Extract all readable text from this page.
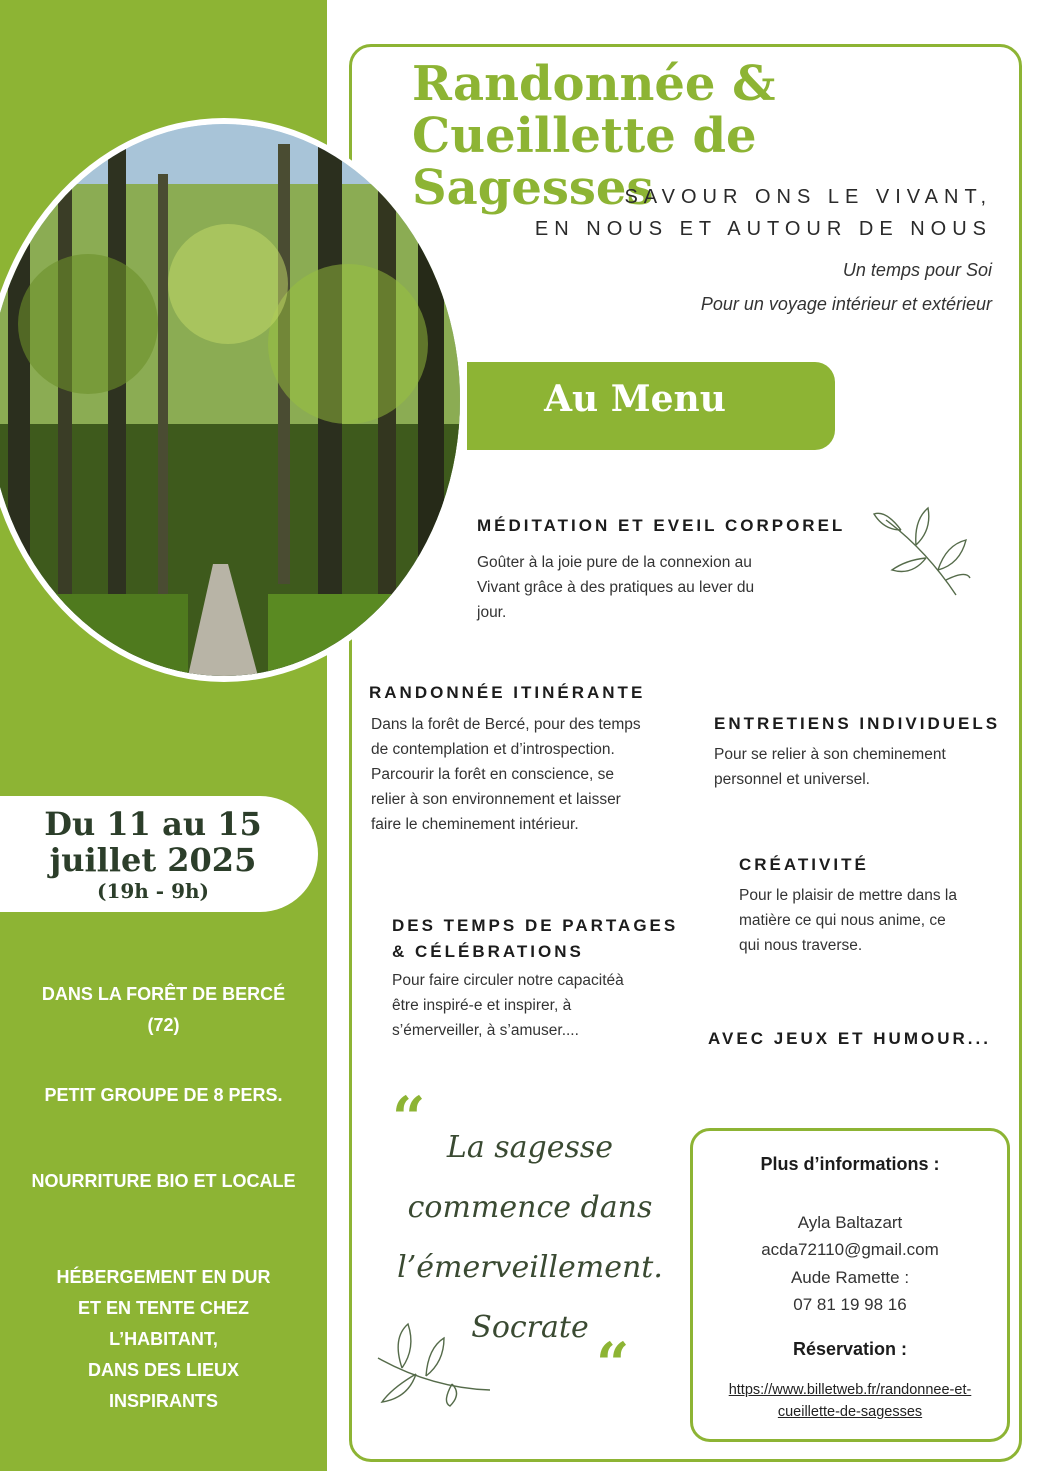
Randonnée &
Cueillette de Sagesses
SAVOUR ONS LE VIVANT,
EN NOUS ET AUTOUR DE NOUS
Un temps pour Soi
Pour un voyage intérieur et extérieur
Au Menu
MÉDITATION ET EVEIL CORPOREL
Goûter à la joie pure de la connexion au
Vivant grâce à des pratiques au lever du
jour.
RANDONNÉE ITINÉRANTE
Dans la forêt de Bercé, pour des temps
de contemplation et d’introspection.
Parcourir la forêt en conscience, se
relier à son environnement et laisser
faire le cheminement intérieur.
ENTRETIENS INDIVIDUELS
Pour se relier à son cheminement
personnel et universel.
CRÉATIVITÉ
Pour le plaisir de mettre dans la
matière ce qui nous anime, ce
qui nous traverse.
DES TEMPS DE PARTAGES
& CÉLÉBRATIONS
Pour faire circuler notre capacitéà
être inspiré-e et inspirer, à
s’émerveiller, à s’amuser....	AVEC JEUX ET HUMOUR...
Du 11 au 15
juillet 2025
(19h - 9h)
DANS LA FORÊT DE BERCÉ
(72)
PETIT GROUPE DE 8 PERS.
NOURRITURE BIO ET LOCALE
HÉBERGEMENT EN DUR
ET EN TENTE CHEZ
L’HABITANT,
DANS DES LIEUX
INSPIRANTS
“ La sagesse
commence dans
l’émerveillement.
Socrate
“
Plus d’informations :
Ayla Baltazart
acda72110@gmail.com
Aude Ramette :
07 81 19 98 16
Réservation :
https://www.billetweb.fr/randonnee-et-
cueillette-de-sagesses
